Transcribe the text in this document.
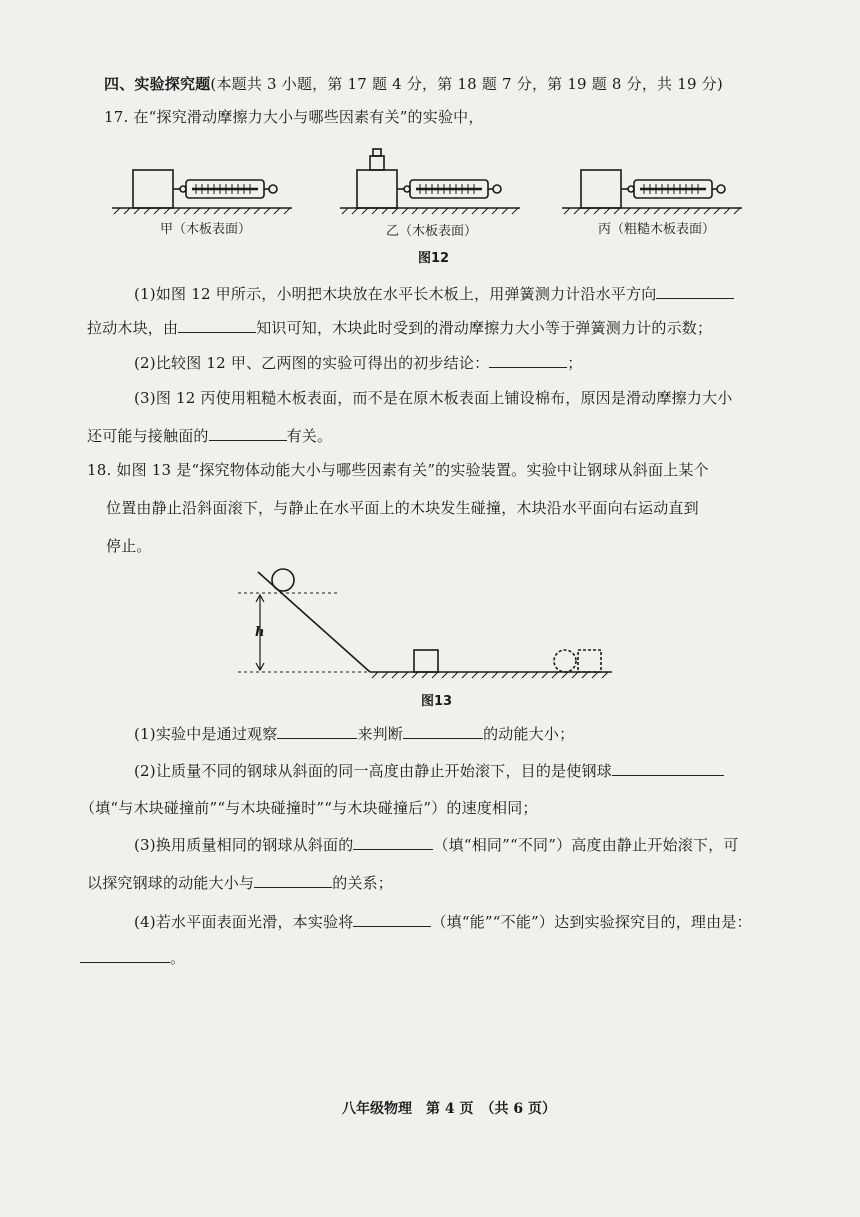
四、实验探究题(本题共 3 小题，第 17 题 4 分，第 18 题 7 分，第 19 题 8 分，共 19 分)
17. 在“探究滑动摩擦力大小与哪些因素有关”的实验中，
甲（木板表面）	乙（木板表面）	丙（粗糙木板表面）
图12
(1)如图 12 甲所示，小明把木块放在水平长木板上，用弹簧测力计沿水平方向
拉动木块，由	知识可知，木块此时受到的滑动摩擦力大小等于弹簧测力计的示数；
(2)比较图 12 甲、乙两图的实验可得出的初步结论：	；
(3)图 12 丙使用粗糙木板表面，而不是在原木板表面上铺设棉布，原因是滑动摩擦力大小
还可能与接触面的	有关。
18. 如图 13 是“探究物体动能大小与哪些因素有关”的实验装置。实验中让钢球从斜面上某个
位置由静止沿斜面滚下，与静止在水平面上的木块发生碰撞，木块沿水平面向右运动直到
停止。
h
图13
(1)实验中是通过观察	来判断	的动能大小；
(2)让质量不同的钢球从斜面的同一高度由静止开始滚下，目的是使钢球
（填“与木块碰撞前”“与木块碰撞时”“与木块碰撞后”）的速度相同；
(3)换用质量相同的钢球从斜面的	（填“相同”“不同”）高度由静止开始滚下，可
以探究钢球的动能大小与	的关系；
(4)若水平面表面光滑，本实验将	（填“能”“不能”）达到实验探究目的，理由是：
。
八年级物理　第 4 页　（共 6 页）
